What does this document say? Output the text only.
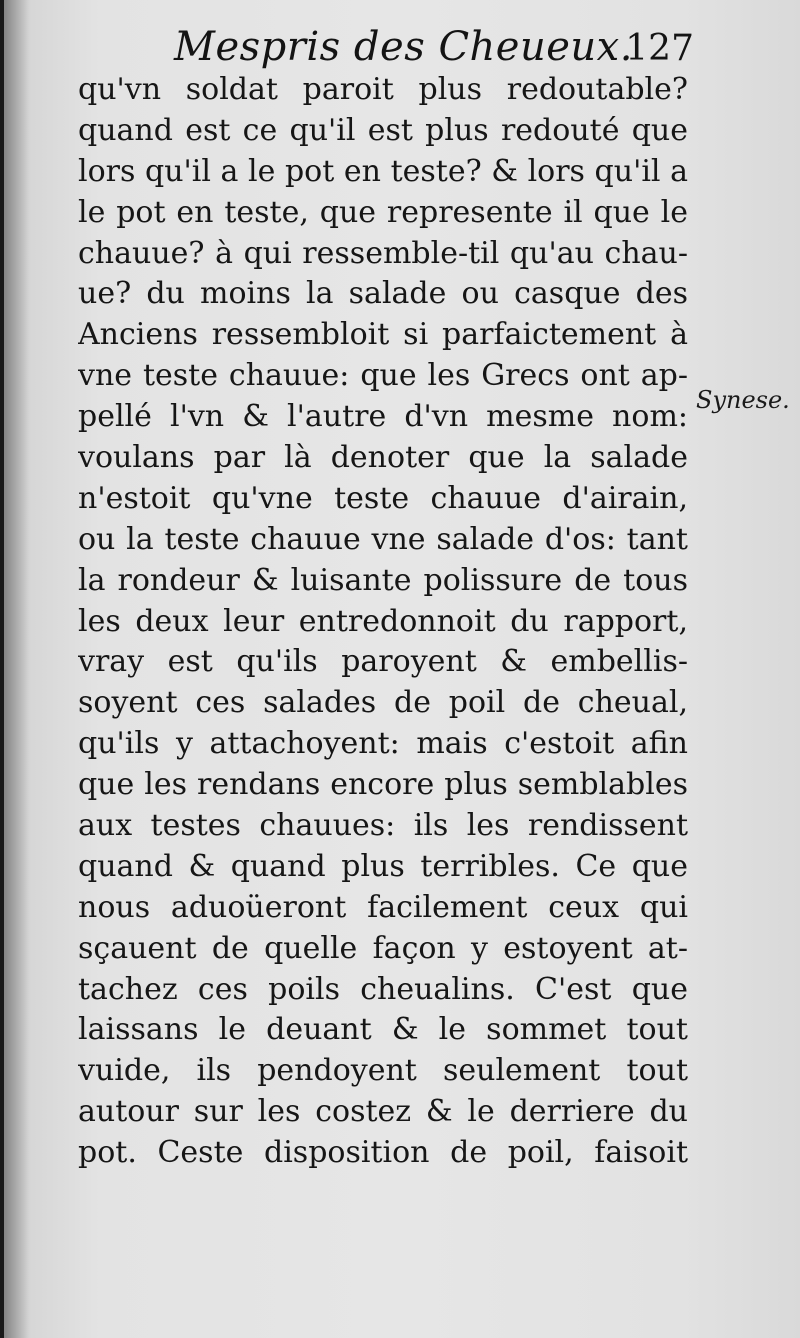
Mespris des Cheueux.
127
qu'vn soldat paroit plus redoutable?
quand est ce qu'il est plus redouté que
lors qu'il a le pot en teste? & lors qu'il a
le pot en teste, que represente il que le
chauue? à qui ressemble-til qu'au chau-
ue? du moins la salade ou casque des
Anciens ressembloit si parfaictement à
vne teste chauue: que les Grecs ont ap-
pellé l'vn & l'autre d'vn mesme nom:
voulans par là denoter que la salade
n'estoit qu'vne teste chauue d'airain,
ou la teste chauue vne salade d'os: tant
la rondeur & luisante polissure de tous
les deux leur entredonnoit du rapport,
vray est qu'ils paroyent & embellis-
soyent ces salades de poil de cheual,
qu'ils y attachoyent: mais c'estoit afin
que les rendans encore plus semblables
aux testes chauues: ils les rendissent
quand & quand plus terribles. Ce que
nous aduoüeront facilement ceux qui
sçauent de quelle façon y estoyent at-
tachez ces poils cheualins. C'est que
laissans le deuant & le sommet tout
vuide, ils pendoyent seulement tout
autour sur les costez & le derriere du
pot. Ceste disposition de poil, faisoit
Synese.
